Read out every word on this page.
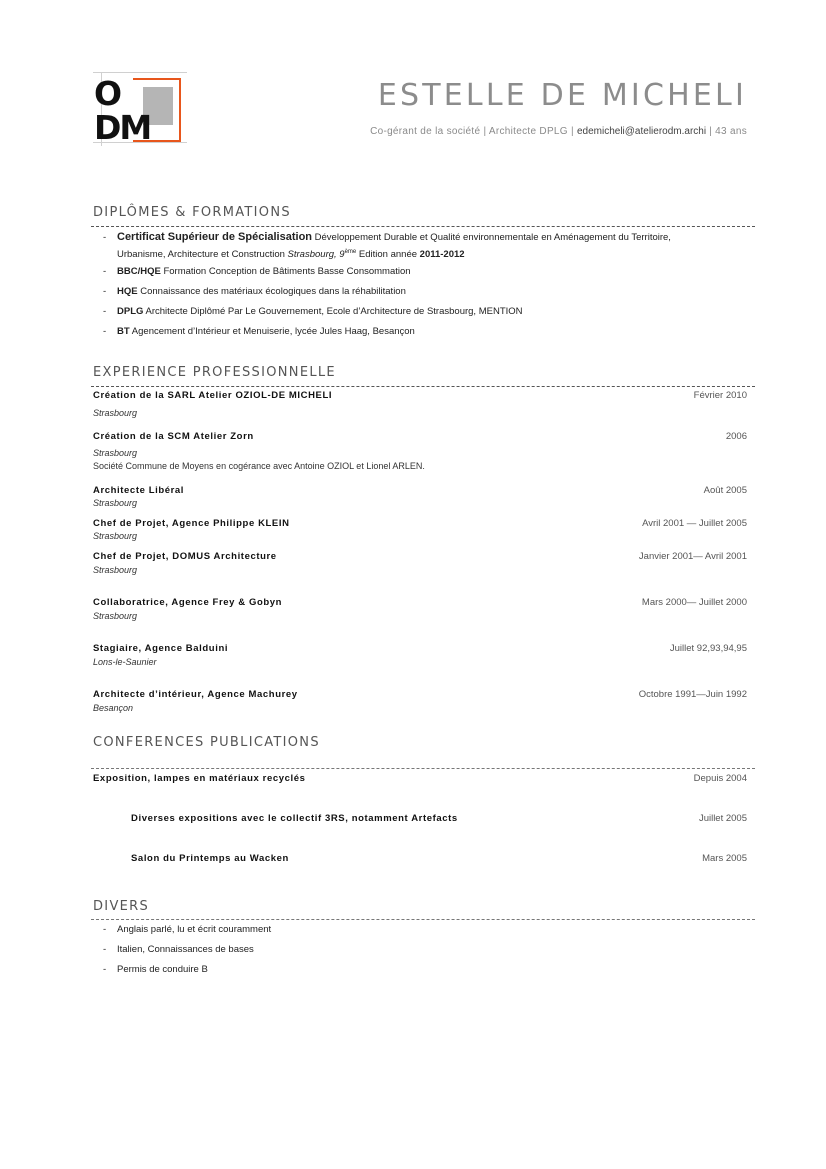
O
DM
ESTELLE DE MICHELI
Co-gérant de la société | Architecte DPLG | edemicheli@atelierodm.archi | 43 ans
DIPLÔMES & FORMATIONS
- Certificat Supérieur de Spécialisation Développement Durable et Qualité environnementale en Aménagement du Territoire,
Urbanisme, Architecture et Construction Strasbourg, 9ème Edition année 2011-2012
- BBC/HQE Formation Conception de Bâtiments Basse Consommation
- HQE Connaissance des matériaux écologiques dans la réhabilitation
- DPLG Architecte Diplômé Par Le Gouvernement, Ecole d’Architecture de Strasbourg, MENTION
- BT Agencement d’Intérieur et Menuiserie, lycée Jules Haag, Besançon
EXPERIENCE PROFESSIONNELLE
Création de la SARL Atelier OZIOL-DE MICHELI	Février 2010
Strasbourg
Création de la SCM Atelier Zorn	2006
Strasbourg
Société Commune de Moyens en cogérance avec Antoine OZIOL et Lionel ARLEN.
Architecte Libéral	Août 2005
Strasbourg
Chef de Projet, Agence Philippe KLEIN	Avril 2001 — Juillet 2005
Strasbourg
Chef de Projet, DOMUS Architecture	Janvier 2001— Avril 2001
Strasbourg
Collaboratrice, Agence Frey & Gobyn	Mars 2000— Juillet 2000
Strasbourg
Stagiaire, Agence Balduini	Juillet 92,93,94,95
Lons-le-Saunier
Architecte d’intérieur, Agence Machurey	Octobre 1991—Juin 1992
Besançon
CONFERENCES PUBLICATIONS
Exposition, lampes en matériaux recyclés	Depuis 2004
Diverses expositions avec le collectif 3RS, notamment Artefacts	Juillet 2005
Salon du Printemps au Wacken	Mars 2005
DIVERS
- Anglais parlé, lu et écrit couramment
- Italien, Connaissances de bases
- Permis de conduire B
